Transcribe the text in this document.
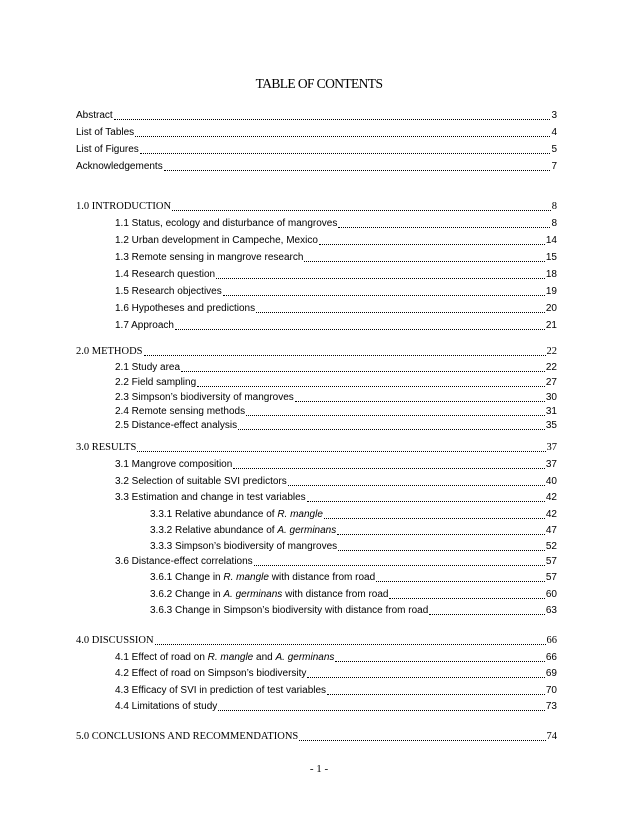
TABLE OF CONTENTS
Abstract	3
List of Tables	4
List of Figures	5
Acknowledgements	7
1.0 INTRODUCTION	8
1.1 Status, ecology and disturbance of mangroves	8
1.2 Urban development in Campeche, Mexico	14
1.3 Remote sensing in mangrove research	15
1.4 Research question	18
1.5 Research objectives	19
1.6 Hypotheses and predictions	20
1.7 Approach	21
2.0 METHODS	22
2.1 Study area	22
2.2 Field sampling	27
2.3 Simpson’s biodiversity of mangroves	30
2.4 Remote sensing methods	31
2.5 Distance-effect analysis	35
3.0 RESULTS	37
3.1 Mangrove composition	37
3.2 Selection of suitable SVI predictors	40
3.3 Estimation and change in test variables	42
3.3.1 Relative abundance of R. mangle	42
3.3.2 Relative abundance of A. germinans	47
3.3.3 Simpson’s biodiversity of mangroves	52
3.6 Distance-effect correlations	57
3.6.1 Change in R. mangle with distance from road	57
3.6.2 Change in A. germinans with distance from road	60
3.6.3 Change in Simpson’s biodiversity with distance from road	63
4.0 DISCUSSION	66
4.1 Effect of road on R. mangle and A. germinans	66
4.2 Effect of road on Simpson’s biodiversity	69
4.3 Efficacy of SVI in prediction of test variables	70
4.4 Limitations of study	73
5.0 CONCLUSIONS AND RECOMMENDATIONS	74
- 1 -
